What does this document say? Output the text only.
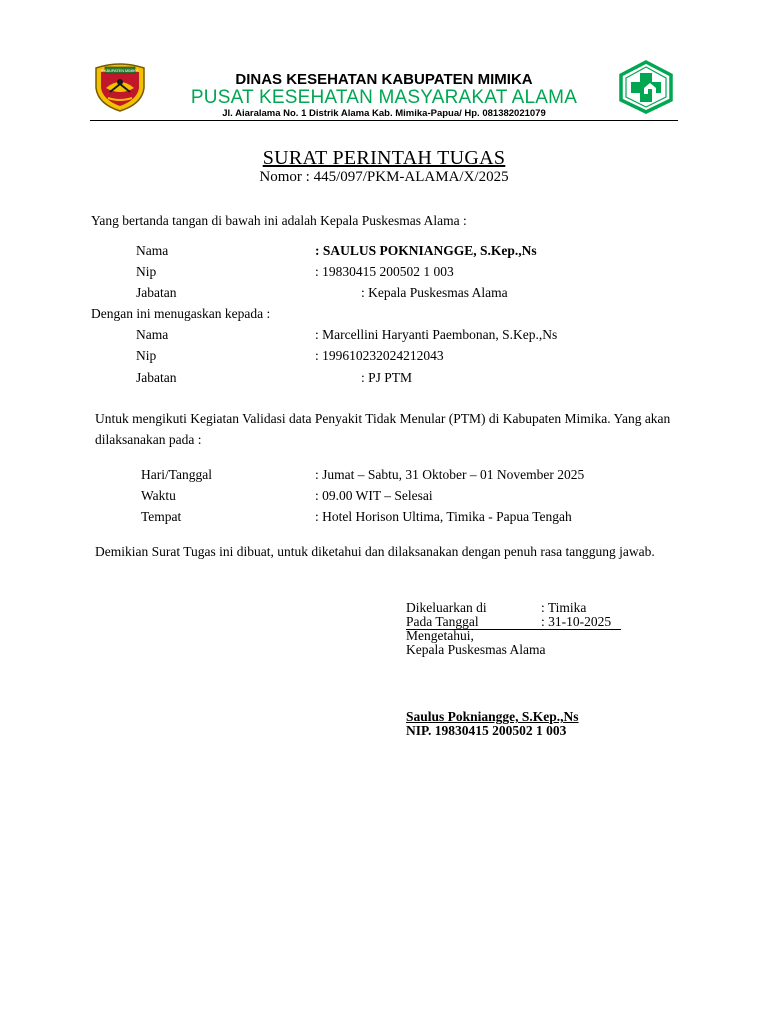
KABUPATEN MIMIKA
DINAS KESEHATAN KABUPATEN MIMIKA
PUSAT KESEHATAN MASYARAKAT ALAMA
Jl. Aiaralama No. 1 Distrik Alama Kab. Mimika-Papua/ Hp. 081382021079
SURAT PERINTAH TUGAS
Nomor : 445/097/PKM-ALAMA/X/2025
Yang bertanda tangan di bawah ini adalah Kepala Puskesmas Alama :
Nama	: SAULUS POKNIANGGE, S.Kep.,Ns
Nip	: 19830415 200502 1 003
Jabatan	: Kepala Puskesmas Alama
Dengan ini menugaskan kepada :
Nama	: Marcellini Haryanti Paembonan, S.Kep.,Ns
Nip	: 199610232024212043
Jabatan	: PJ PTM
Untuk mengikuti Kegiatan Validasi data Penyakit Tidak Menular (PTM) di Kabupaten Mimika. Yang akan dilaksanakan pada :
Hari/Tanggal	: Jumat – Sabtu, 31 Oktober – 01 November 2025
Waktu	: 09.00 WIT – Selesai
Tempat	: Hotel Horison Ultima, Timika - Papua Tengah
Demikian Surat Tugas ini dibuat, untuk diketahui dan dilaksanakan dengan penuh rasa tanggung jawab.
Dikeluarkan di	: Timika
Pada Tanggal	: 31-10-2025
Mengetahui,
Kepala Puskesmas Alama
Saulus Pokniangge, S.Kep.,Ns
NIP. 19830415 200502 1 003
